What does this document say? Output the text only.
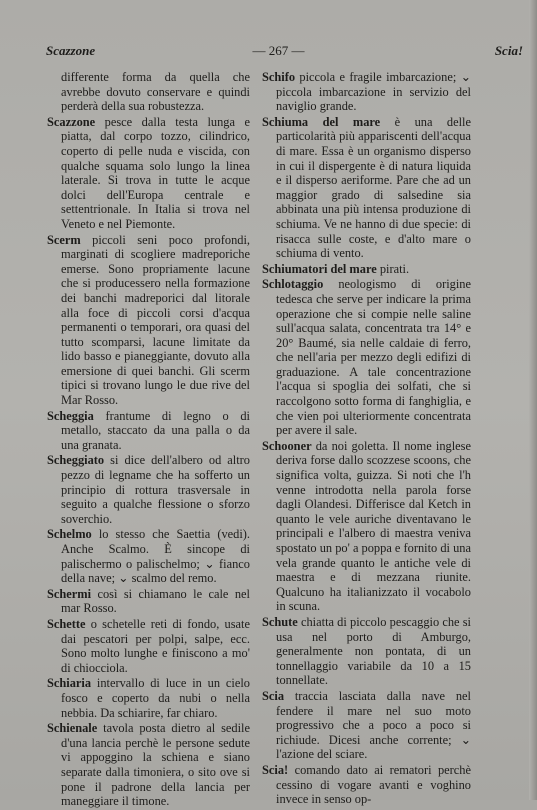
Scazzone	— 267 —	Scia!

differente forma da quella che avrebbe dovuto conservare e quindi perderà della sua robustezza.

Scazzone pesce dalla testa lunga e piatta, dal corpo tozzo, cilindrico, coperto di pelle nuda e viscida, con qualche squama solo lungo la linea laterale. Si trova in tutte le acque dolci dell'Europa centrale e settentrionale. In Italia si trova nel Veneto e nel Piemonte.

Scerm piccoli seni poco profondi, marginati di scogliere madreporiche emerse. Sono propriamente lacune che si producessero nella formazione dei banchi madreporici dal litorale alla foce di piccoli corsi d'acqua permanenti o temporari, ora quasi del tutto scomparsi, lacune limitate da lido basso e pianeggiante, dovuto alla emersione di quei banchi. Gli scerm tipici si trovano lungo le due rive del Mar Rosso.

Scheggia frantume di legno o di metallo, staccato da una palla o da una granata.

Scheggiato si dice dell'albero od altro pezzo di legname che ha sofferto un principio di rottura trasversale in seguito a qualche flessione o sforzo soverchio.

Schelmo lo stesso che Saettia (vedi). Anche Scalmo. È sincope di palischermo o palischelmo; ⌄ fianco della nave; ⌄ scalmo del remo.

Schermi così si chiamano le cale nel mar Rosso.

Schette o schetelle reti di fondo, usate dai pescatori per polpi, salpe, ecc. Sono molto lunghe e finiscono a mo' di chiocciola.

Schiaria intervallo di luce in un cielo fosco e coperto da nubi o nella nebbia. Da schiarire, far chiaro.

Schienale tavola posta dietro al sedile d'una lancia perchè le persone sedute vi appoggino la schiena e siano separate dalla timoniera, o sito ove si pone il padrone della lancia per maneggiare il timone.

Schifo piccola e fragile imbarcazione; ⌄ piccola imbarcazione in servizio del naviglio grande.

Schiuma del mare è una delle particolarità più appariscenti dell'acqua di mare. Essa è un organismo disperso in cui il dispergente è di natura liquida e il disperso aeriforme. Pare che ad un maggior grado di salsedine sia abbinata una più intensa produzione di schiuma. Ve ne hanno di due specie: di risacca sulle coste, e d'alto mare o schiuma di vento.

Schiumatori del mare pirati.

Schlotaggio neologismo di origine tedesca che serve per indicare la prima operazione che si compie nelle saline sull'acqua salata, concentrata tra 14° e 20° Baumé, sia nelle caldaie di ferro, che nell'aria per mezzo degli edifizi di graduazione. A tale concentrazione l'acqua si spoglia dei solfati, che si raccolgono sotto forma di fanghiglia, e che vien poi ulteriormente concentrata per avere il sale.

Schooner da noi goletta. Il nome inglese deriva forse dallo scozzese scoons, che significa volta, guizza. Si noti che l'h venne introdotta nella parola forse dagli Olandesi. Differisce dal Ketch in quanto le vele auriche diventavano le principali e l'albero di maestra veniva spostato un po' a poppa e fornito di una vela grande quanto le antiche vele di maestra e di mezzana riunite. Qualcuno ha italianizzato il vocabolo in scuna.

Schute chiatta di piccolo pescaggio che si usa nel porto di Amburgo, generalmente non pontata, di un tonnellaggio variabile da 10 a 15 tonnellate.

Scia traccia lasciata dalla nave nel fendere il mare nel suo moto progressivo che a poco a poco si richiude. Dicesi anche corrente; ⌄ l'azione del sciare.

Scia! comando dato ai rematori perchè cessino di vogare avanti e voghino invece in senso op-
